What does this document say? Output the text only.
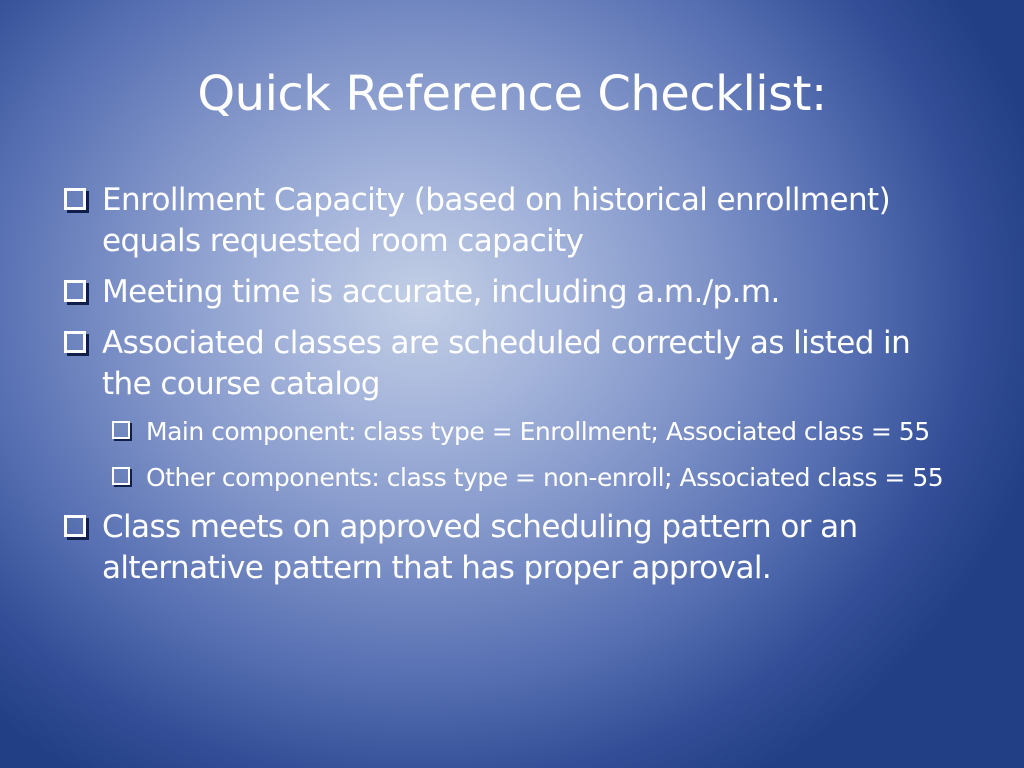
Quick Reference Checklist:
Enrollment Capacity (based on historical enrollment) equals requested room capacity
Meeting time is accurate, including a.m./p.m.
Associated classes are scheduled correctly as listed in the course catalog
Main component: class type = Enrollment; Associated class = 55
Other components: class type = non-enroll; Associated class = 55
Class meets on approved scheduling pattern or an alternative pattern that has proper approval.
